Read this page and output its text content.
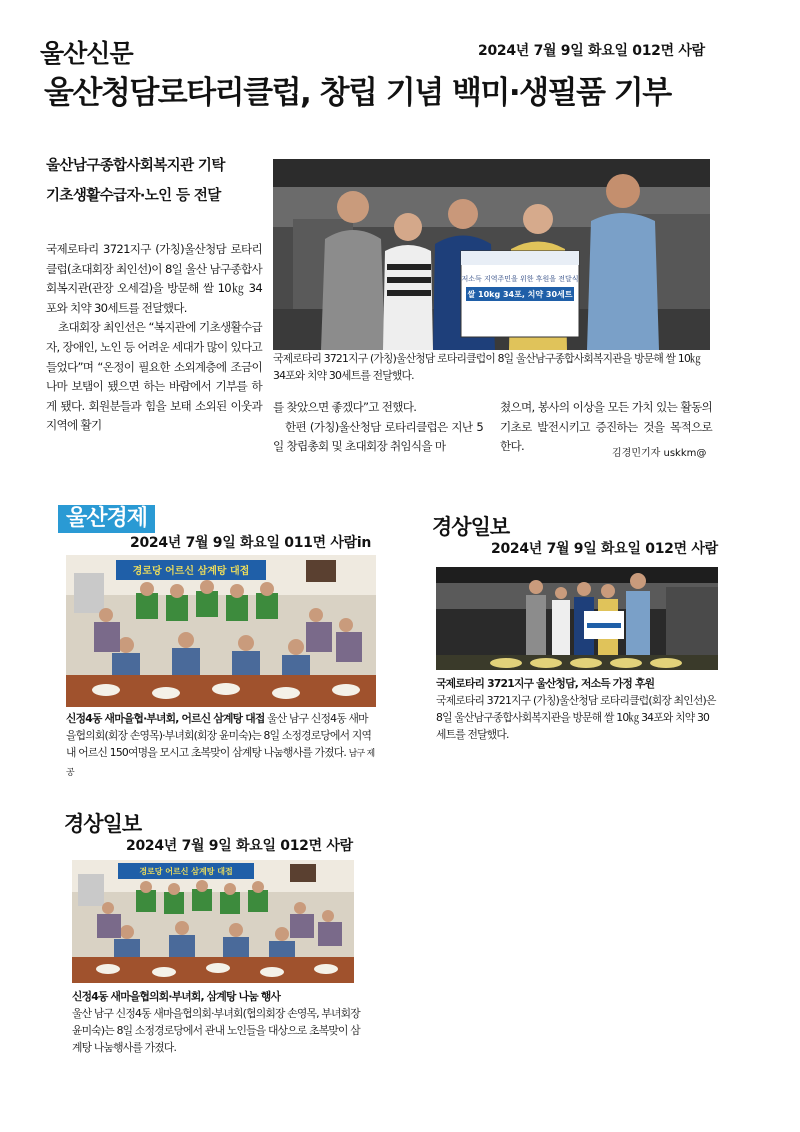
울산신문	2024년 7월 9일 화요일 012면 사람
울산청담로타리클럽, 창립 기념 백미·생필품 기부
울산남구종합사회복지관 기탁
기초생활수급자·노인 등 전달

국제로타리 3721지구 (가칭)울산청담 로타리클럽(초대회장 최인선)이 8일 울산 남구종합사회복지관(관장 오세걸)을 방문해 쌀 10㎏ 34포와 치약 30세트를 전달했다.

초대회장 최인선은 “복지관에 기초생활수급자, 장애인, 노인 등 어려운 세대가 많이 있다고 들었다”며 “온정이 필요한 소외계층에 조금이나마 보탬이 됐으면 하는 바람에서 기부를 하게 됐다. 회원분들과 힘을 보태 소외된 이웃과 지역에 활기

저소득 지역주민을 위한 후원을 전달식
쌀 10kg 34포, 치약 30세트
국제로타리 3721지구 (가칭)울산청담 로타리클럽이 8일 울산남구종합사회복지관을 방문해 쌀 10㎏ 34포와 치약 30세트를 전달했다.

를 찾았으면 좋겠다”고 전했다.

한편 (가칭)울산청담 로타리클럽은 지난 5일 창립총회 및 초대회장 취임식을 마

쳤으며, 봉사의 이상을 모든 가치 있는 활동의 기초로 발전시키고 증진하는 것을 목적으로 한다.

김경민기자 uskkm@
울산경제
2024년 7월 9일 화요일 011면 사람in
경로당 어르신 삼계탕 대접
신정4동 새마을협·부녀회, 어르신 삼계탕 대접 울산 남구 신정4동 새마을협의회(회장 손영목)·부녀회(회장 윤미숙)는 8일 소정경로당에서 지역내 어르신 150여명을 모시고 초복맞이 삼계탕 나눔행사를 가졌다. 남구 제공
경상일보
2024년 7월 9일 화요일 012면 사람
국제로타리 3721지구 울산청담, 저소득 가정 후원
국제로타리 3721지구 (가칭)울산청담 로타리클럽(회장 최인선)은 8일 울산남구종합사회복지관을 방문해 쌀 10㎏ 34포와 치약 30세트를 전달했다.
경상일보
2024년 7월 9일 화요일 012면 사람
경로당 어르신 삼계탕 대접
신정4동 새마을협의회·부녀회, 삼계탕 나눔 행사
울산 남구 신정4동 새마을협의회·부녀회(협의회장 손영목, 부녀회장 윤미숙)는 8일 소정경로당에서 관내 노인들을 대상으로 초복맞이 삼계탕 나눔행사를 가졌다.
